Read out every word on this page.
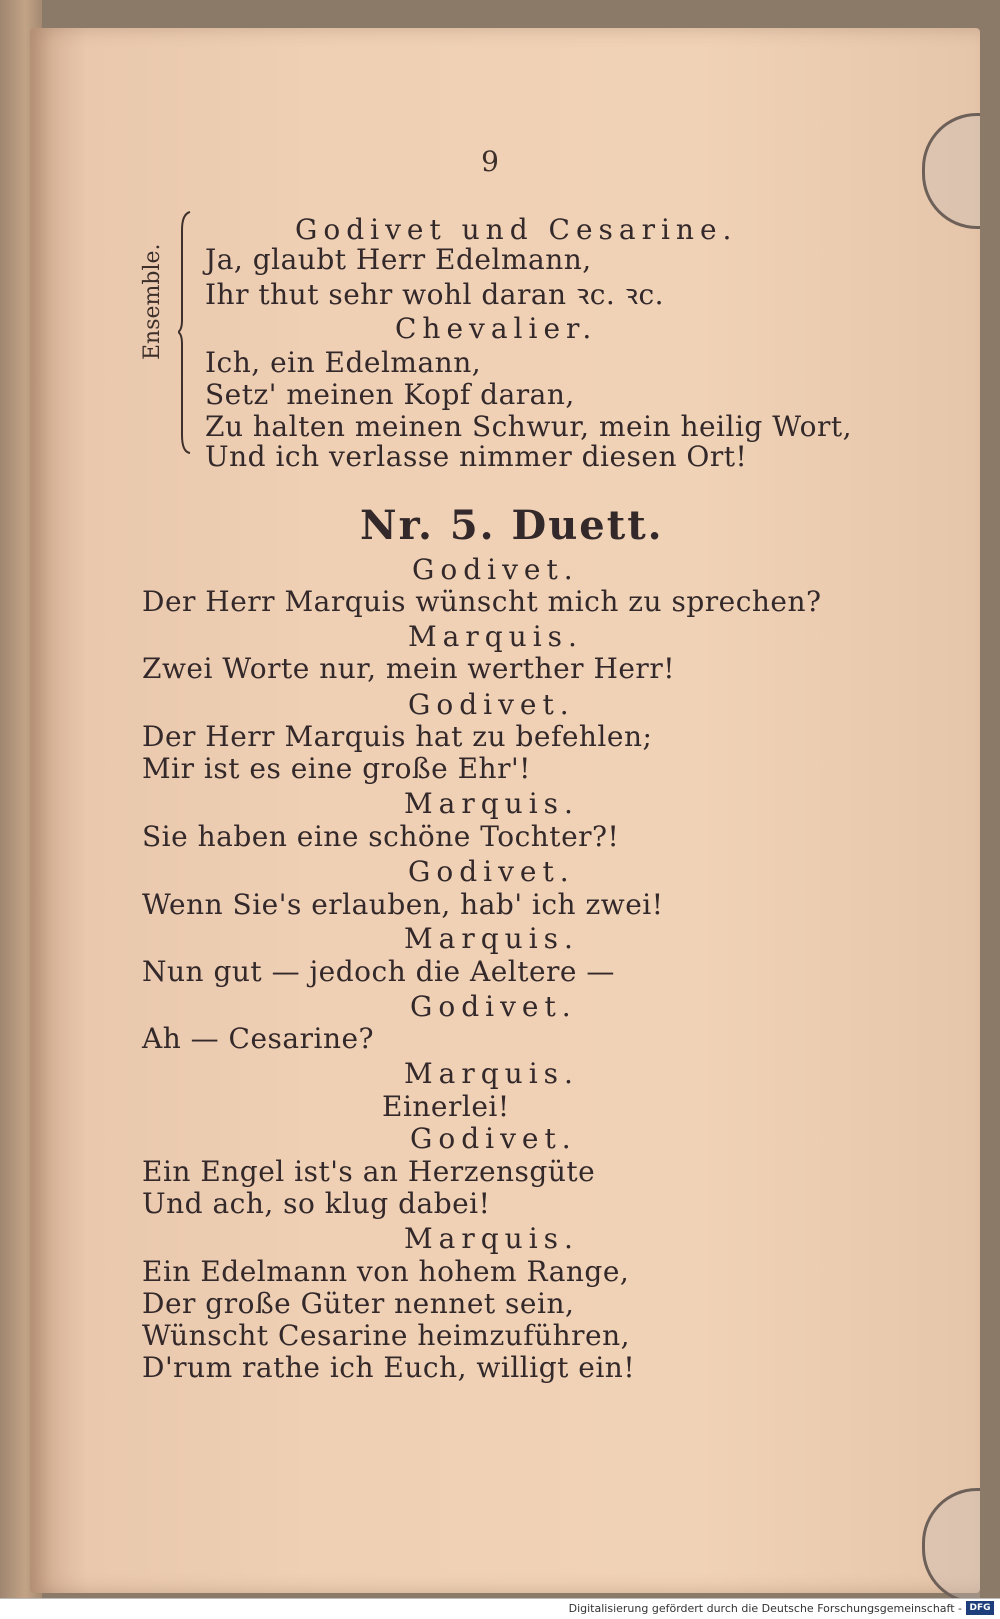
9
Ensemble.
Godivet und Cesarine.
Ja, glaubt Herr Edelmann,
Ihr thut sehr wohl daran ꝛc. ꝛc.
Chevalier.
Ich, ein Edelmann,
Setz' meinen Kopf daran,
Zu halten meinen Schwur, mein heilig Wort,
Und ich verlasse nimmer diesen Ort!
Nr. 5. Duett.
Godivet.
Der Herr Marquis wünscht mich zu sprechen?
Marquis.
Zwei Worte nur, mein werther Herr!
Godivet.
Der Herr Marquis hat zu befehlen;
Mir ist es eine große Ehr'!
Marquis.
Sie haben eine schöne Tochter?!
Godivet.
Wenn Sie's erlauben, hab' ich zwei!
Marquis.
Nun gut — jedoch die Aeltere —
Godivet.
Ah — Cesarine?
Marquis.
Einerlei!
Godivet.
Ein Engel ist's an Herzensgüte
Und ach, so klug dabei!
Marquis.
Ein Edelmann von hohem Range,
Der große Güter nennet sein,
Wünscht Cesarine heimzuführen,
D'rum rathe ich Euch, willigt ein!
Digitalisierung gefördert durch die Deutsche Forschungsgemeinschaft - DFG
